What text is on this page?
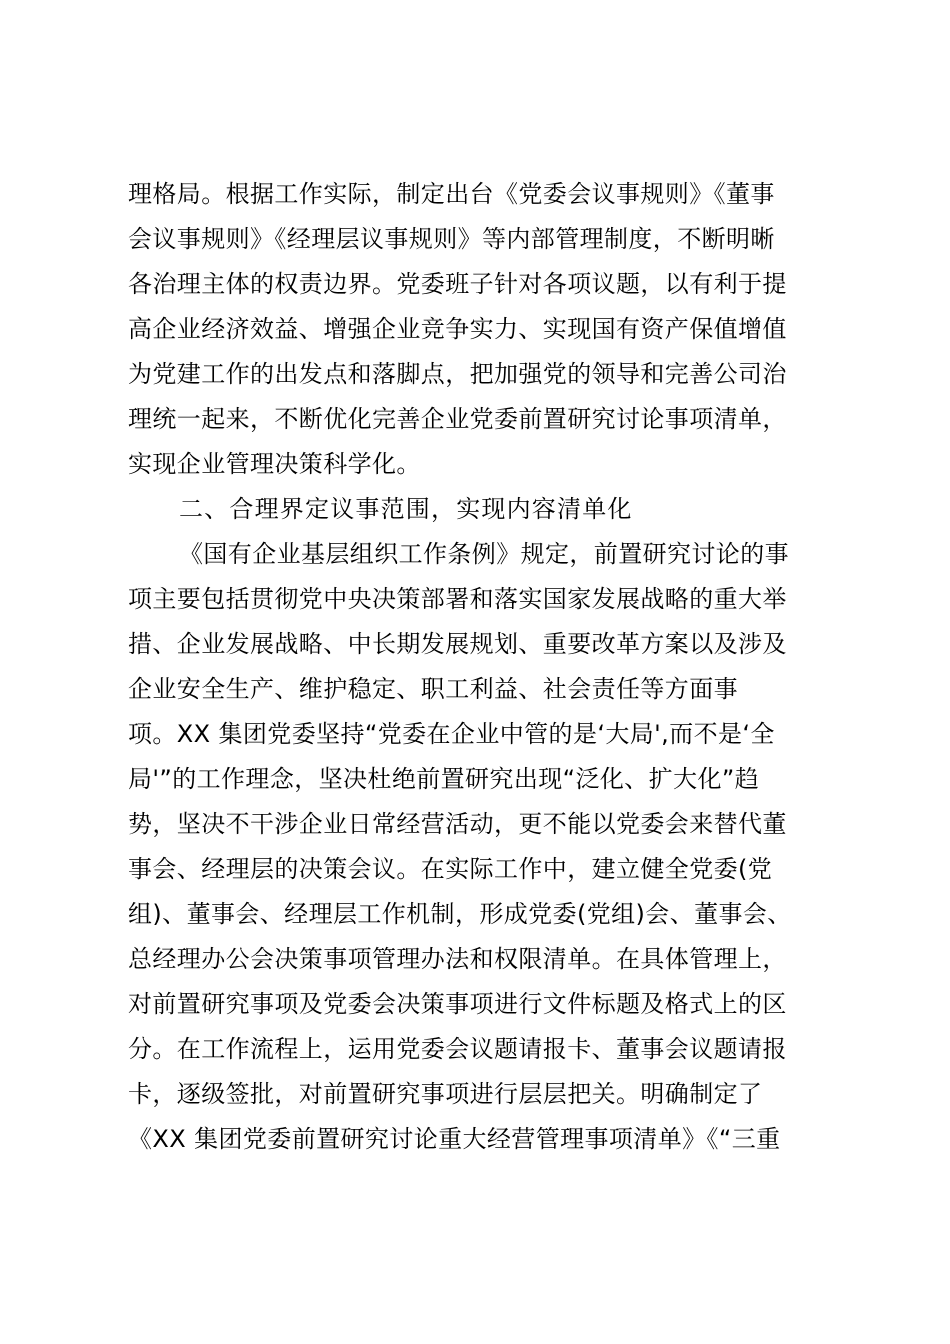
理格局。根据工作实际，制定出台《党委会议事规则》《董事
会议事规则》《经理层议事规则》等内部管理制度，不断明晰
各治理主体的权责边界。党委班子针对各项议题，以有利于提
高企业经济效益、增强企业竞争实力、实现国有资产保值增值
为党建工作的出发点和落脚点，把加强党的领导和完善公司治
理统一起来，不断优化完善企业党委前置研究讨论事项清单，
实现企业管理决策科学化。
二、合理界定议事范围，实现内容清单化
《国有企业基层组织工作条例》规定，前置研究讨论的事
项主要包括贯彻党中央决策部署和落实国家发展战略的重大举
措、企业发展战略、中长期发展规划、重要改革方案以及涉及
企业安全生产、维护稳定、职工利益、社会责任等方面事
项。XX 集团党委坚持“党委在企业中管的是‘大局',而不是‘全
局'”的工作理念，坚决杜绝前置研究出现“泛化、扩大化”趋
势，坚决不干涉企业日常经营活动，更不能以党委会来替代董
事会、经理层的决策会议。在实际工作中，建立健全党委(党
组)、董事会、经理层工作机制，形成党委(党组)会、董事会、
总经理办公会决策事项管理办法和权限清单。在具体管理上，
对前置研究事项及党委会决策事项进行文件标题及格式上的区
分。在工作流程上，运用党委会议题请报卡、董事会议题请报
卡，逐级签批，对前置研究事项进行层层把关。明确制定了
《XX 集团党委前置研究讨论重大经营管理事项清单》《“三重
